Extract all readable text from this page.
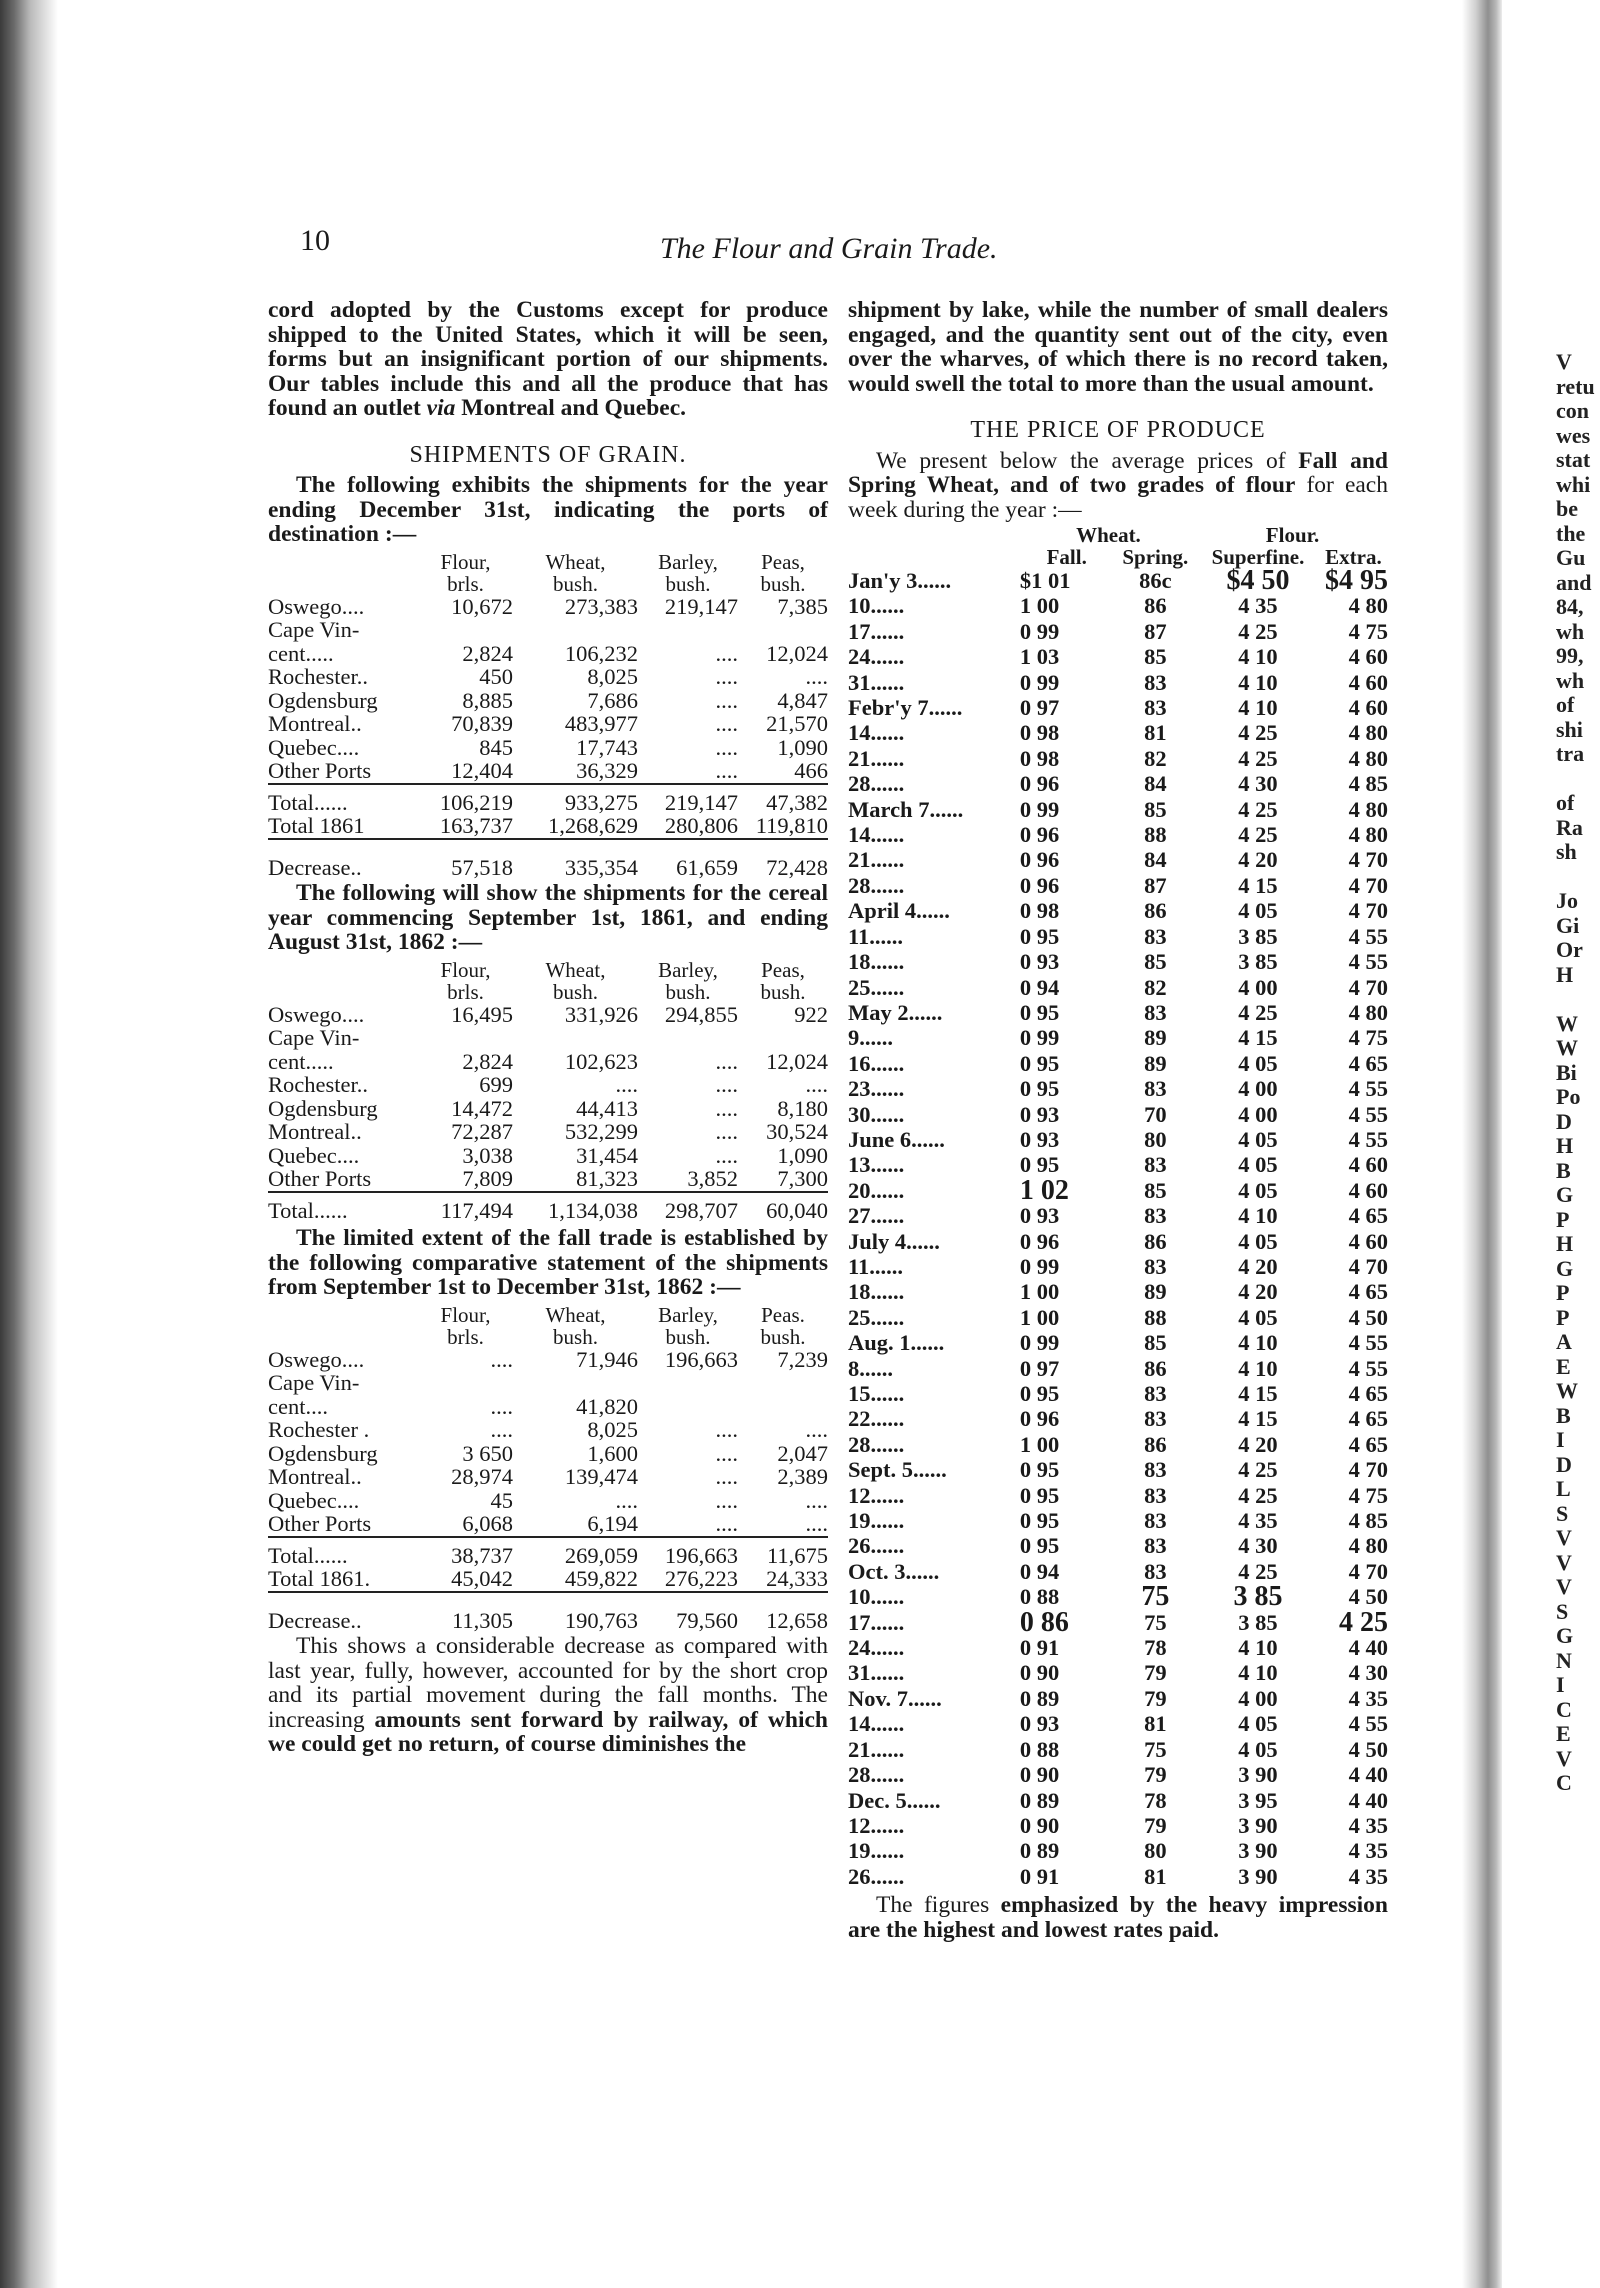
10	The Flour and Grain Trade.

cord adopted by the Customs except for produce shipped to the United States, which it will be seen, forms but an insignificant portion of our shipments. Our tables include this and all the produce that has found an outlet via Montreal and Quebec.

SHIPMENTS OF GRAIN.

The following exhibits the shipments for the year ending December 31st, indicating the ports of destination :—

	Flour,	Wheat,	Barley,	Peas,
	brls.	bush.	bush.	bush.
Oswego....	10,672	273,383	219,147	7,385
Cape Vin-				
cent.....	2,824	106,232	....	12,024
Rochester..	450	8,025	....	....
Ogdensburg	8,885	7,686	....	4,847
Montreal..	70,839	483,977	....	21,570
Quebec....	845	17,743	....	1,090
Other Ports	12,404	36,329	....	466

Total......	106,219	933,275	219,147	47,382
Total 1861	163,737	1,268,629	280,806	119,810

Decrease..	57,518	335,354	61,659	72,428

The following will show the shipments for the cereal year commencing September 1st, 1861, and ending August 31st, 1862 :—

	Flour,	Wheat,	Barley,	Peas,
	brls.	bush.	bush.	bush.
Oswego....	16,495	331,926	294,855	922
Cape Vin-				
cent.....	2,824	102,623	....	12,024
Rochester..	699	....	....	....
Ogdensburg	14,472	44,413	....	8,180
Montreal..	72,287	532,299	....	30,524
Quebec....	3,038	31,454	....	1,090
Other Ports	7,809	81,323	3,852	7,300

Total......	117,494	1,134,038	298,707	60,040

The limited extent of the fall trade is established by the following comparative statement of the shipments from September 1st to December 31st, 1862 :—

	Flour,	Wheat,	Barley,	Peas.
	brls.	bush.	bush.	bush.
Oswego....	....	71,946	196,663	7,239
Cape Vin-				
cent....	....	41,820		
Rochester .	....	8,025	....	....
Ogdensburg	3 650	1,600	....	2,047
Montreal..	28,974	139,474	....	2,389
Quebec....	45	....	....	....
Other Ports	6,068	6,194	....	....

Total......	38,737	269,059	196,663	11,675
Total 1861.	45,042	459,822	276,223	24,333

Decrease..	11,305	190,763	79,560	12,658

This shows a considerable decrease as compared with last year, fully, however, accounted for by the short crop and its partial movement during the fall months. The increasing amounts sent forward by railway, of which we could get no return, of course diminishes the

shipment by lake, while the number of small dealers engaged, and the quantity sent out of the city, even over the wharves, of which there is no record taken, would swell the total to more than the usual amount.

THE PRICE OF PRODUCE

We present below the average prices of Fall and Spring Wheat, and of two grades of flour for each week during the year :—

	Wheat.		Flour.	
	Fall.	Spring.	Superfine.	Extra.
Jan'y 3......	$1 01	86c	$4 50	$4 95
10......	1 00	86	4 35	4 80
17......	0 99	87	4 25	4 75
24......	1 03	85	4 10	4 60
31......	0 99	83	4 10	4 60
Febr'y 7......	0 97	83	4 10	4 60
14......	0 98	81	4 25	4 80
21......	0 98	82	4 25	4 80
28......	0 96	84	4 30	4 85
March 7......	0 99	85	4 25	4 80
14......	0 96	88	4 25	4 80
21......	0 96	84	4 20	4 70
28......	0 96	87	4 15	4 70
April 4......	0 98	86	4 05	4 70
11......	0 95	83	3 85	4 55
18......	0 93	85	3 85	4 55
25......	0 94	82	4 00	4 70
May 2......	0 95	83	4 25	4 80
9......	0 99	89	4 15	4 75
16......	0 95	89	4 05	4 65
23......	0 95	83	4 00	4 55
30......	0 93	70	4 00	4 55
June 6......	0 93	80	4 05	4 55
13......	0 95	83	4 05	4 60
20......	1 02	85	4 05	4 60
27......	0 93	83	4 10	4 65
July 4......	0 96	86	4 05	4 60
11......	0 99	83	4 20	4 70
18......	1 00	89	4 20	4 65
25......	1 00	88	4 05	4 50
Aug. 1......	0 99	85	4 10	4 55
8......	0 97	86	4 10	4 55
15......	0 95	83	4 15	4 65
22......	0 96	83	4 15	4 65
28......	1 00	86	4 20	4 65
Sept. 5......	0 95	83	4 25	4 70
12......	0 95	83	4 25	4 75
19......	0 95	83	4 35	4 85
26......	0 95	83	4 30	4 80
Oct. 3......	0 94	83	4 25	4 70
10......	0 88	75	3 85	4 50
17......	0 86	75	3 85	4 25
24......	0 91	78	4 10	4 40
31......	0 90	79	4 10	4 30
Nov. 7......	0 89	79	4 00	4 35
14......	0 93	81	4 05	4 55
21......	0 88	75	4 05	4 50
28......	0 90	79	3 90	4 40
Dec. 5......	0 89	78	3 95	4 40
12......	0 90	79	3 90	4 35
19......	0 89	80	3 90	4 35
26......	0 91	81	3 90	4 35

The figures emphasized by the heavy impression are the highest and lowest rates paid.

V
retu
con
wes
stat
whi
be
the
Gu
and
84,
wh
99,
wh
of
shi
tra

of
Ra
sh

Jo
Gi
Or
H

W
W
Bi
Po
D
H
B
G
P
H
G
P
P
A
E
W
B
I
D
L
S
V
V
V
S
G
N
I
C
E
V
C
